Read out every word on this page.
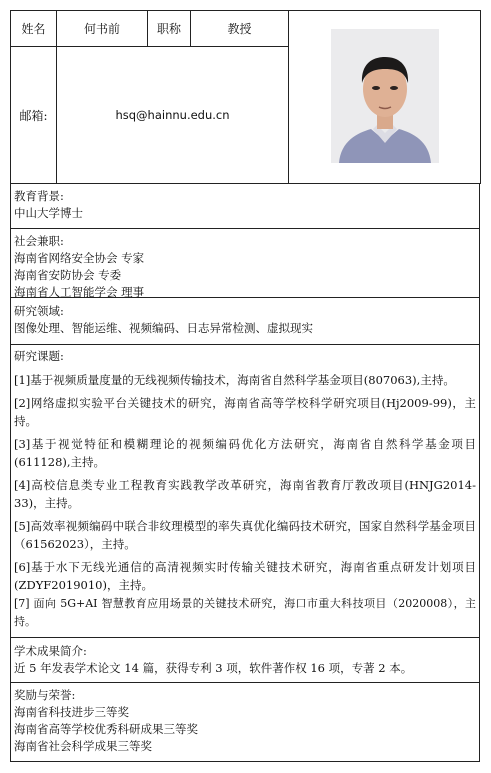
姓名	何书前	职称	教授	
邮箱:	hsq@hainnu.edu.cn			
教育背景:
中山大学博士
社会兼职:
海南省网络安全协会 专家
海南省安防协会 专委
海南省人工智能学会 理事
研究领域:
图像处理、智能运维、视频编码、日志异常检测、虚拟现实
研究课题:
[1]基于视频质量度量的无线视频传输技术，海南省自然科学基金项目(807063),主持。
[2]网络虚拟实验平台关键技术的研究，海南省高等学校科学研究项目(Hj2009-99)，主持。
[3]基于视觉特征和模糊理论的视频编码优化方法研究，海南省自然科学基金项目(611128),主持。
[4]高校信息类专业工程教育实践教学改革研究，海南省教育厅教改项目(HNJG2014-33)，主持。
[5]高效率视频编码中联合非纹理模型的率失真优化编码技术研究，国家自然科学基金项目（61562023），主持。
[6]基于水下无线光通信的高清视频实时传输关键技术研究，海南省重点研发计划项目(ZDYF2019010)，主持。
[7] 面向 5G+AI 智慧教育应用场景的关键技术研究，海口市重大科技项目（2020008），主持。
学术成果简介:
近 5 年发表学术论文 14 篇，获得专利 3 项，软件著作权 16 项，专著 2 本。
奖励与荣誉:
海南省科技进步三等奖
海南省高等学校优秀科研成果三等奖
海南省社会科学成果三等奖
